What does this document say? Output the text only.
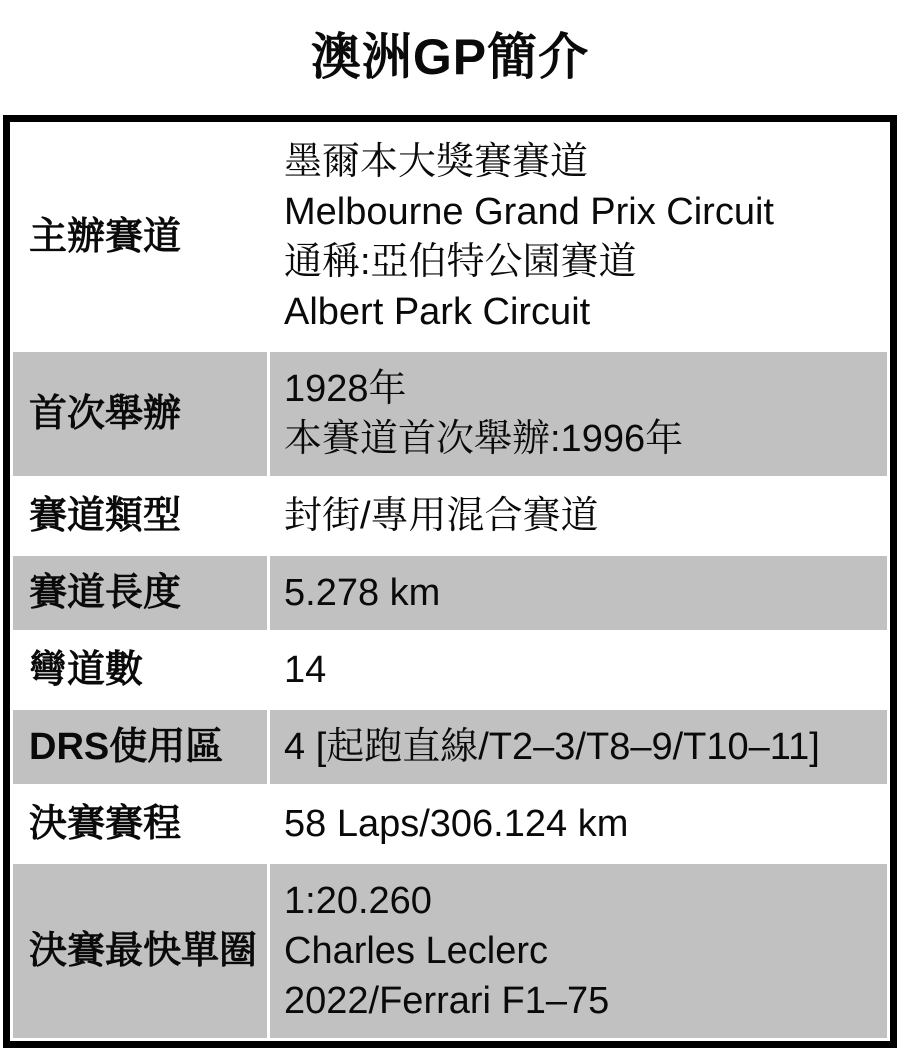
澳洲GP簡介
主辦賽道	墨爾本大獎賽賽道
Melbourne Grand Prix Circuit
通稱:亞伯特公園賽道
Albert Park Circuit

首次舉辦	1928年
本賽道首次舉辦:1996年

賽道類型	封街/專用混合賽道

賽道長度	5.278 km

彎道數	14

DRS使用區	4 [起跑直線/T2–3/T8–9/T10–11]

決賽賽程	58 Laps/306.124 km

決賽最快單圈	1:20.260
Charles Leclerc
2022/Ferrari F1–75
